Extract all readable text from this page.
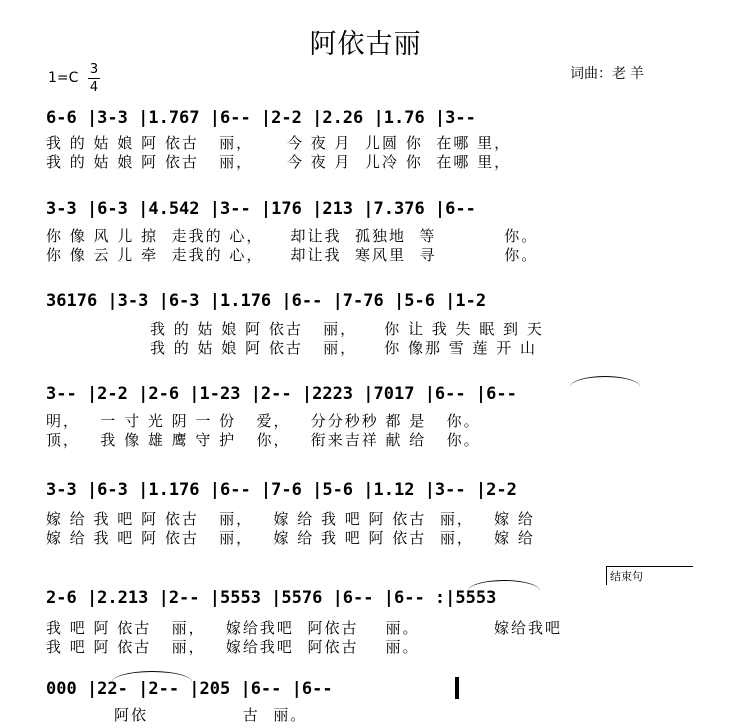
阿依古丽
1=C
3
4
词曲：老 羊
6-6 |3-3 |1.767 |6-- |2-2 |2.26 |1.76 |3--
我 的 姑 娘 阿 依古   丽，     今 夜 月  儿圆 你  在哪 里，
我 的 姑 娘 阿 依古   丽，     今 夜 月  儿冷 你  在哪 里，
3-3 |6-3 |4.542 |3-- |176 |213 |7.376 |6--
你 像 风 儿 掠  走我的 心，    却让我  孤独地  等          你。
你 像 云 儿 牵  走我的 心，    却让我  寒风里  寻          你。
36176 |3-3 |6-3 |1.176 |6-- |7-76 |5-6 |1-2
我 的 姑 娘 阿 依古   丽，    你 让 我 失 眠 到 天
我 的 姑 娘 阿 依古   丽，    你 像那 雪 莲 开 山
3-- |2-2 |2-6 |1-23 |2-- |2223 |7017 |6-- |6--
明，   一 寸 光 阴 一 份   爱，   分分秒秒 都 是   你。
顶，   我 像 雄 鹰 守 护   你，   衔来吉祥 献 给   你。
3-3 |6-3 |1.176 |6-- |7-6 |5-6 |1.12 |3-- |2-2
嫁 给 我 吧 阿 依古   丽，   嫁 给 我 吧 阿 依古  丽，   嫁 给
嫁 给 我 吧 阿 依古   丽，   嫁 给 我 吧 阿 依古  丽，   嫁 给
结束句
2-6 |2.213 |2-- |5553 |5576 |6-- |6-- :|5553
我 吧 阿 依古   丽，   嫁给我吧  阿依古    丽。           嫁给我吧
我 吧 阿 依古   丽，   嫁给我吧  阿依古    丽。
000 |22- |2-- |205 |6-- |6--
阿依              古  丽。
